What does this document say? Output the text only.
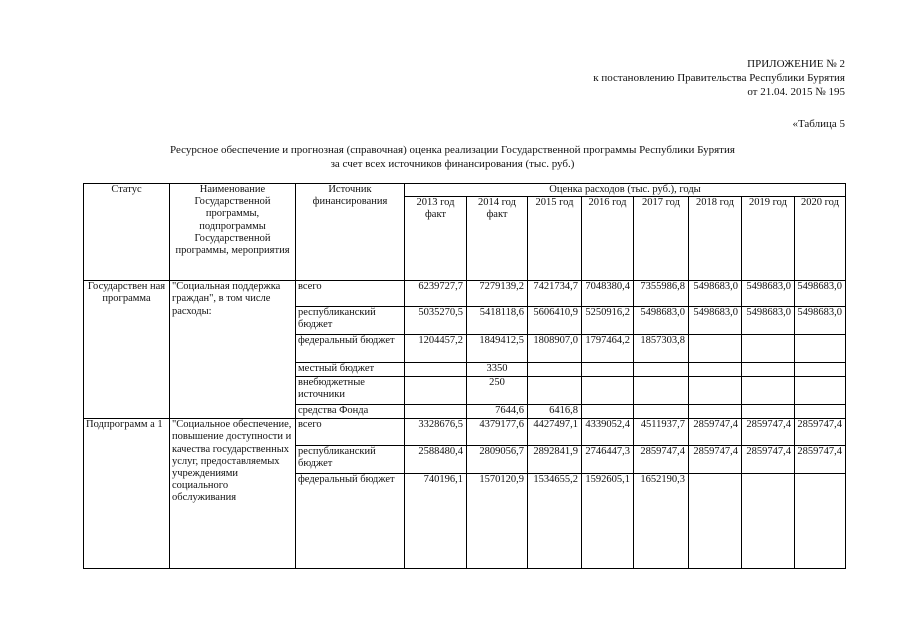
ПРИЛОЖЕНИЕ № 2
к постановлению Правительства Республики Бурятия
от 21.04. 2015 № 195
«Таблица 5
Ресурсное обеспечение и прогнозная (справочная) оценка реализации Государственной программы Республики Бурятия
за счет всех источников финансирования (тыс. руб.)
Статус	Наименование Государственной программы, подпрограммы Государственной программы, мероприятия	Источник финансирования	Оценка расходов (тыс. руб.), годы							
			2013 год факт	2014 год факт	2015 год	2016 год	2017 год	2018 год	2019 год	2020 год
Государствен ная программа	"Социальная поддержка граждан", в том числе расходы:	всего	6239727,7	7279139,2	7421734,7	7048380,4	7355986,8	5498683,0	5498683,0	5498683,0
		республиканский бюджет	5035270,5	5418118,6	5606410,9	5250916,2	5498683,0	5498683,0	5498683,0	5498683,0
		федеральный бюджет	1204457,2	1849412,5	1808907,0	1797464,2	1857303,8			
		местный бюджет		3350						
		внебюджетные источники		250						
		средства Фонда		7644,6	6416,8					
Подпрограмм а 1	"Социальное обеспечение, повышение доступности и качества государственных услуг, предоставляемых учреждениями социального обслуживания	всего	3328676,5	4379177,6	4427497,1	4339052,4	4511937,7	2859747,4	2859747,4	2859747,4
		республиканский бюджет	2588480,4	2809056,7	2892841,9	2746447,3	2859747,4	2859747,4	2859747,4	2859747,4
		федеральный бюджет	740196,1	1570120,9	1534655,2	1592605,1	1652190,3			
